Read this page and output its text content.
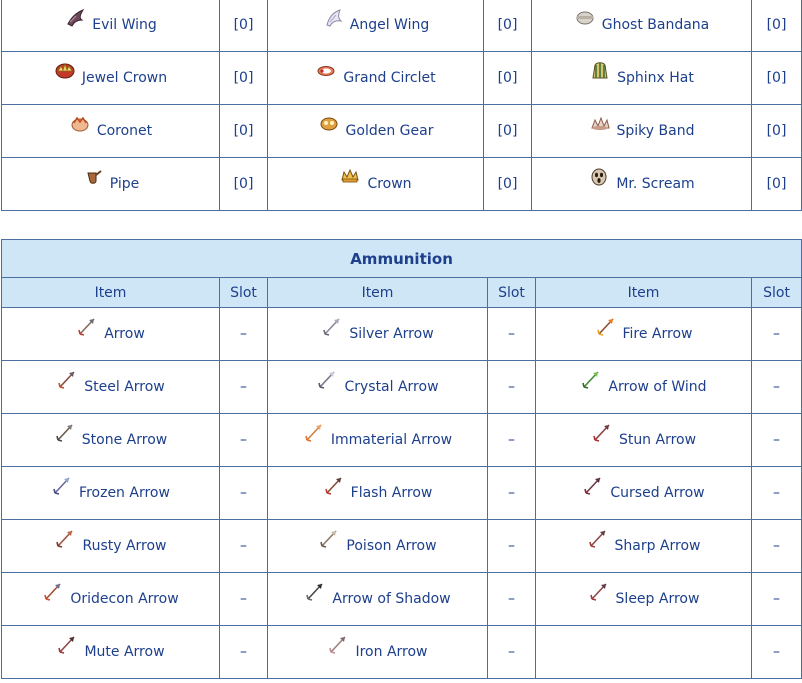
Evil Wing	[0]	Angel Wing	[0]	Ghost Bandana	[0]

Jewel Crown	[0]	Grand Circlet	[0]	Sphinx Hat	[0]

Coronet	[0]	Golden Gear	[0]	Spiky Band	[0]

Pipe	[0]	Crown	[0]	Mr. Scream	[0]
Ammunition					
Item	Slot	Item	Slot	Item	Slot

Arrow	–	Silver Arrow	–	Fire Arrow	–

Steel Arrow	–	Crystal Arrow	–	Arrow of Wind	–

Stone Arrow	–	Immaterial Arrow	–	Stun Arrow	–

Frozen Arrow	–	Flash Arrow	–	Cursed Arrow	–

Rusty Arrow	–	Poison Arrow	–	Sharp Arrow	–

Oridecon Arrow	–	Arrow of Shadow	–	Sleep Arrow	–

Mute Arrow	–	Iron Arrow	–		–
